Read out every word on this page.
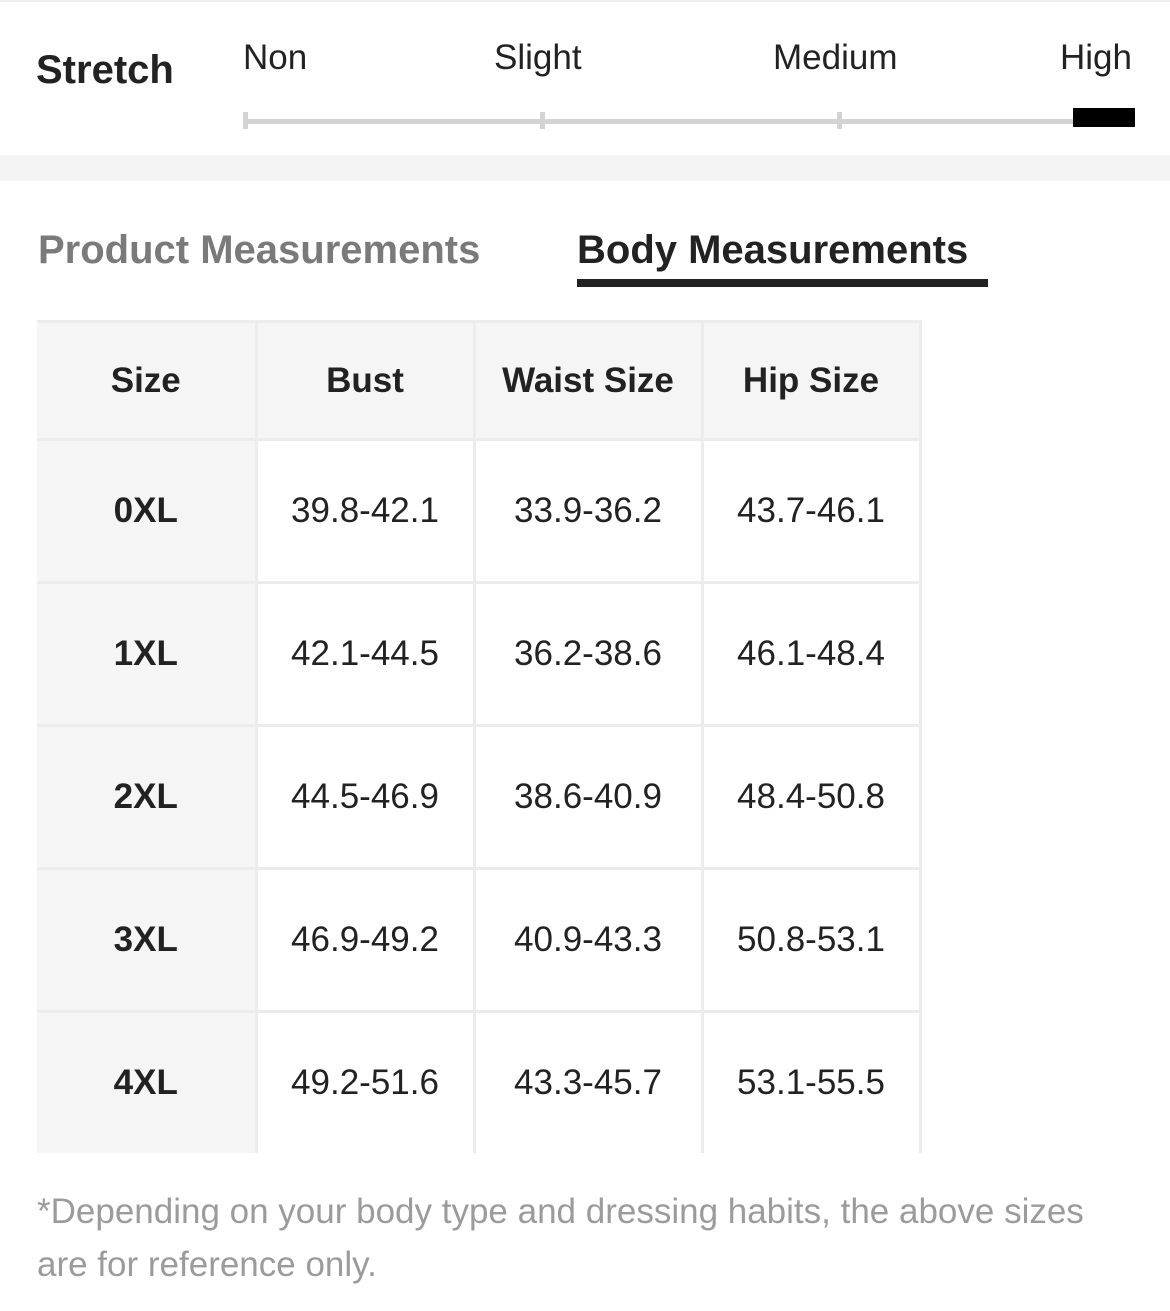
Stretch Non	Slight	Medium	High
Product Measurements Body Measurements
Size	Bust	Waist Size	Hip Size
0XL	39.8-42.1	33.9-36.2	43.7-46.1
1XL	42.1-44.5	36.2-38.6	46.1-48.4
2XL	44.5-46.9	38.6-40.9	48.4-50.8
3XL	46.9-49.2	40.9-43.3	50.8-53.1
4XL	49.2-51.6	43.3-45.7	53.1-55.5
*Depending on your body type and dressing habits, the above sizes are for reference only.
